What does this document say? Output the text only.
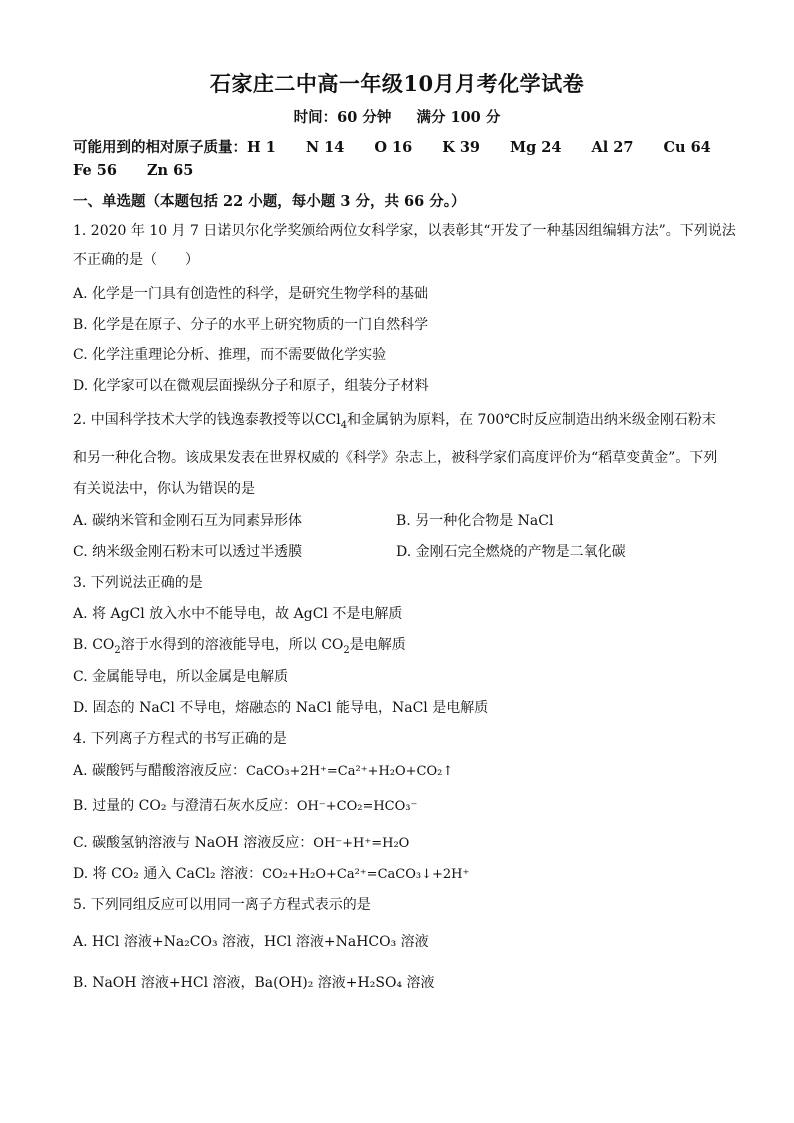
石家庄二中高一年级10月月考化学试卷
时间：60 分钟 满分 100 分
可能用到的相对原子质量：H 1 N 14 O 16 K 39 Mg 24 Al 27 Cu 64
Fe 56 Zn 65
一、单选题（本题包括 22 小题，每小题 3 分，共 66 分。）
1. 2020 年 10 月 7 日诺贝尔化学奖颁给两位女科学家，以表彰其“开发了一种基因组编辑方法”。下列说法
不正确的是（ ）
A. 化学是一门具有创造性的科学，是研究生物学科的基础
B. 化学是在原子、分子的水平上研究物质的一门自然科学
C. 化学注重理论分析、推理，而不需要做化学实验
D. 化学家可以在微观层面操纵分子和原子，组装分子材料
2. 中国科学技术大学的钱逸泰教授等以CCl$_4$和金属钠为原料，在 700℃时反应制造出纳米级金刚石粉末
和另一种化合物。该成果发表在世界权威的《科学》杂志上，被科学家们高度评价为“稻草变黄金”。下列
有关说法中，你认为错误的是
A. 碳纳米管和金刚石互为同素异形体	B. 另一种化合物是 NaCl
C. 纳米级金刚石粉末可以透过半透膜	D. 金刚石完全燃烧的产物是二氧化碳
3. 下列说法正确的是
A. 将 AgCl 放入水中不能导电，故 AgCl 不是电解质
B. $CO_2$溶于水得到的溶液能导电，所以 $CO_2$是电解质
C. 金属能导电，所以金属是电解质
D. 固态的 NaCl 不导电，熔融态的 NaCl 能导电，NaCl 是电解质
4. 下列离子方程式的书写正确的是
A. 碳酸钙与醋酸溶液反应：CaCO₃+2H⁺=Ca²⁺+H₂O+CO₂↑
B. 过量的 CO₂ 与澄清石灰水反应：OH⁻+CO₂=HCO₃⁻
C. 碳酸氢钠溶液与 NaOH 溶液反应：OH⁻+H⁺=H₂O
D. 将 CO₂ 通入 CaCl₂ 溶液：CO₂+H₂O+Ca²⁺=CaCO₃↓+2H⁺
5. 下列同组反应可以用同一离子方程式表示的是
A. HCl 溶液+Na₂CO₃ 溶液，HCl 溶液+NaHCO₃ 溶液
B. NaOH 溶液+HCl 溶液，Ba(OH)₂ 溶液+H₂SO₄ 溶液
